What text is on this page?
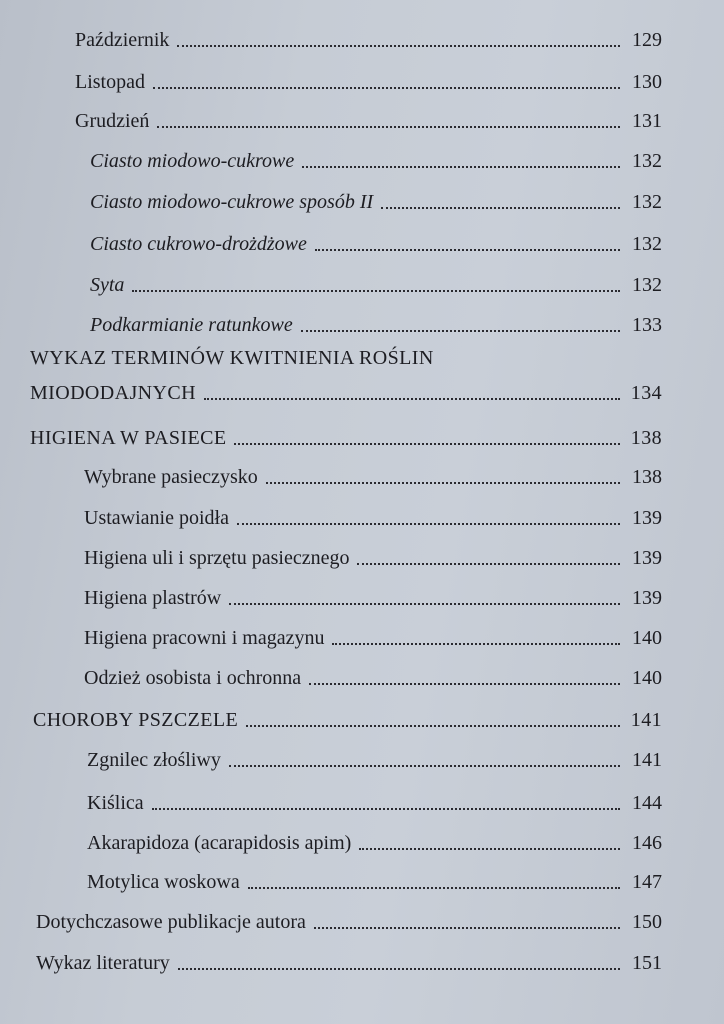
Październik	129
Listopad	130
Grudzień	131
Ciasto miodowo-cukrowe	132
Ciasto miodowo-cukrowe sposób II	132
Ciasto cukrowo-drożdżowe	132
Syta	132
Podkarmianie ratunkowe	133
WYKAZ TERMINÓW KWITNIENIA ROŚLIN
MIODODAJNYCH	134
HIGIENA W PASIECE	138
Wybrane pasieczysko	138
Ustawianie poidła	139
Higiena uli i sprzętu pasiecznego	139
Higiena plastrów	139
Higiena pracowni i magazynu	140
Odzież osobista i ochronna	140
CHOROBY PSZCZELE	141
Zgnilec złośliwy	141
Kiślica	144
Akarapidoza (acarapidosis apim)	146
Motylica woskowa	147
Dotychczasowe publikacje autora	150
Wykaz literatury	151
